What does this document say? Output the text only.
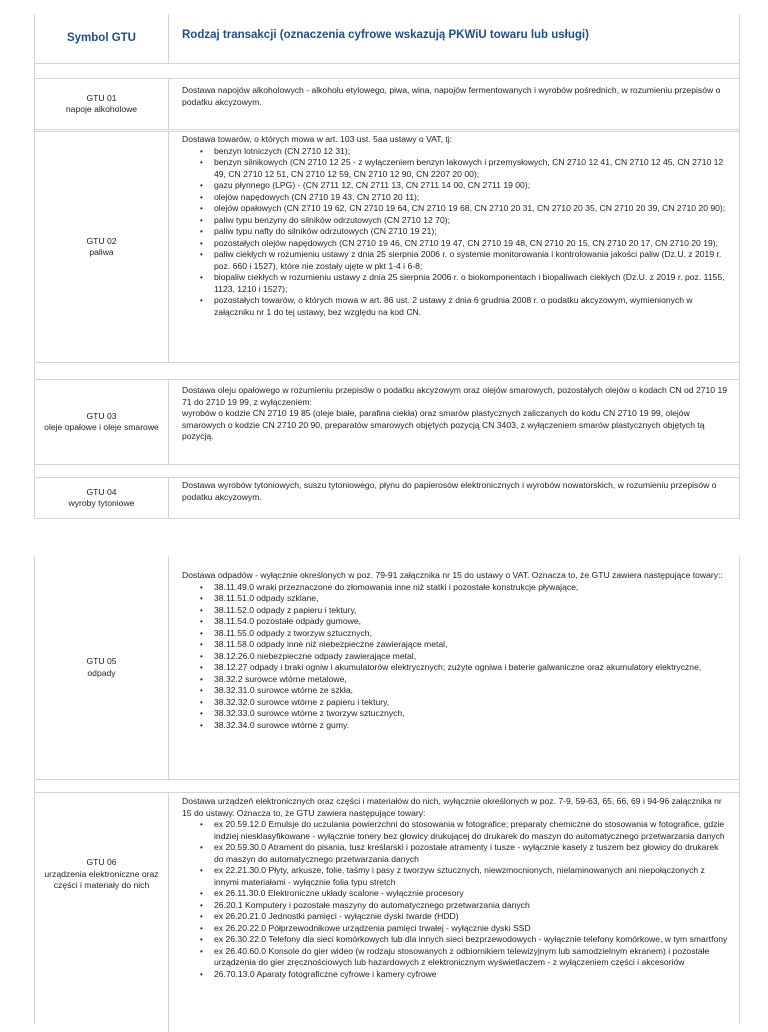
Symbol GTU	Rodzaj transakcji (oznaczenia cyfrowe wskazują PKWiU towaru lub usługi)
GTU 01
napoje alkoholowe
Dostawa napojów alkoholowych - alkoholu etylowego, piwa, wina, napojów fermentowanych i wyrobów pośrednich, w rozumieniu przepisów o podatku akcyzowym.
GTU 02
paliwa
Dostawa towarów, o których mowa w art. 103 ust. 5aa ustawy o VAT, tj:
• benzyn lotniczych (CN 2710 12 31);
• benzyn silnikowych (CN 2710 12 25 - z wyłączeniem benzyn lakowych i przemysłowych, CN 2710 12 41, CN 2710 12 45, CN 2710 12 49, CN 2710 12 51, CN 2710 12 59, CN 2710 12 90, CN 2207 20 00);
• gazu płynnego (LPG) - (CN 2711 12, CN 2711 13, CN 2711 14 00, CN 2711 19 00);
• olejów napędowych (CN 2710 19 43, CN 2710 20 11);
• olejów opałowych (CN 2710 19 62, CN 2710 19 64, CN 2710 19 68, CN 2710 20 31, CN 2710 20 35, CN 2710 20 39, CN 2710 20 90);
• paliw typu benzyny do silników odrzutowych (CN 2710 12 70);
• paliw typu nafty do silników odrzutowych (CN 2710 19 21);
• pozostałych olejów napędowych (CN 2710 19 46, CN 2710 19 47, CN 2710 19 48, CN 2710 20 15, CN 2710 20 17, CN 2710 20 19);
• paliw ciekłych w rozumieniu ustawy z dnia 25 sierpnia 2006 r. o systemie monitorowania i kontrolowania jakości paliw (Dz.U. z 2019 r. poz. 660 i 1527), które nie zostały ujęte w pkt 1-4 i 6-8;
• biopaliw ciekłych w rozumieniu ustawy z dnia 25 sierpnia 2006 r. o biokomponentach i biopaliwach ciekłych (Dz.U. z 2019 r. poz. 1155, 1123, 1210 i 1527);
• pozostałych towarów, o których mowa w art. 86 ust. 2 ustawy z dnia 6 grudnia 2008 r. o podatku akcyzowym, wymienionych w załączniku nr 1 do tej ustawy, bez względu na kod CN.
GTU 03
oleje opałowe i oleje smarowe
Dostawa oleju opałowego w rozumieniu przepisów o podatku akcyzowym oraz olejów smarowych, pozostałych olejów o kodach CN od 2710 19 71 do 2710 19 99, z wyłączeniem:
wyrobów o kodzie CN 2710 19 85 (oleje białe, parafina ciekła) oraz smarów plastycznych zaliczanych do kodu CN 2710 19 99, olejów smarowych o kodzie CN 2710 20 90, preparatów smarowych objętych pozycją CN 3403, z wyłączeniem smarów plastycznych objętych tą pozycją.
GTU 04
wyroby tytoniowe
Dostawa wyrobów tytoniowych, suszu tytoniowego, płynu do papierosów elektronicznych i wyrobów nowatorskich, w rozumieniu przepisów o podatku akcyzowym.
GTU 05
odpady
Dostawa odpadów - wyłącznie określonych w poz. 79-91 załącznika nr 15 do ustawy o VAT. Oznacza to, że GTU zawiera następujące towary::
• 38.11.49.0 wraki przeznaczone do złomowania inne niż statki i pozostałe konstrukcje pływające,
• 38.11.51.0 odpady szklane,
• 38.11.52.0 odpady z papieru i tektury,
• 38.11.54.0 pozostałe odpady gumowe,
• 38.11.55.0 odpady z tworzyw sztucznych,
• 38.11.58.0 odpady inne niż niebezpieczne zawierające metal,
• 38.12.26.0 niebezpieczne odpady zawierające metal,
• 38.12.27 odpady i braki ogniw i akumulatorów elektrycznych; zużyte ogniwa i baterie galwaniczne oraz akumulatory elektryczne,
• 38.32.2 surowce wtórne metalowe,
• 38.32.31.0 surowce wtórne ze szkła,
• 38.32.32.0 surowce wtórne z papieru i tektury,
• 38.32.33.0 surowce wtórne z tworzyw sztucznych,
• 38.32.34.0 surowce wtórne z gumy.
GTU 06
urządzenia elektroniczne oraz części i materiały do nich
Dostawa urządzeń elektronicznych oraz części i materiałów do nich, wyłącznie określonych w poz. 7-9, 59-63, 65, 66, 69 i 94-96 załącznika nr 15 do ustawy. Oznacza to, że GTU zawiera następujące towary:
• ex 20.59.12.0 Emulsje do uczulania powierzchni do stosowania w fotografice; preparaty chemiczne do stosowania w fotografice, gdzie indziej niesklasyfikowane - wyłącznie tonery bez głowicy drukującej do drukarek do maszyn do automatycznego przetwarzania danych
• ex 20.59.30.0 Atrament do pisania, tusz kreślarski i pozostałe atramenty i tusze - wyłącznie kasety z tuszem bez głowicy do drukarek do maszyn do automatycznego przetwarzania danych
• ex 22.21.30.0 Płyty, arkusze, folie, taśmy i pasy z tworzyw sztucznych, niewzmocnionych, nielaminowanych ani niepołączonych z innymi materiałami - wyłącznie folia typu stretch
• ex 26.11.30.0 Elektroniczne układy scalone - wyłącznie procesory
• 26.20.1 Komputery i pozostałe maszyny do automatycznego przetwarzania danych
• ex 26.20.21.0 Jednostki pamięci - wyłącznie dyski twarde (HDD)
• ex 26.20.22.0 Półprzewodnikowe urządzenia pamięci trwałej - wyłącznie dyski SSD
• ex 26.30.22.0 Telefony dla sieci komórkowych lub dla innych sieci bezprzewodowych - wyłącznie telefony komórkowe, w tym smartfony
• ex 26.40.60.0 Konsole do gier wideo (w rodzaju stosowanych z odbiornikiem telewizyjnym lub samodzielnym ekranem) i pozostałe urządzenia do gier zręcznościowych lub hazardowych z elektronicznym wyświetlaczem - z wyłączeniem części i akcesoriów
• 26.70.13.0 Aparaty fotograficzne cyfrowe i kamery cyfrowe
